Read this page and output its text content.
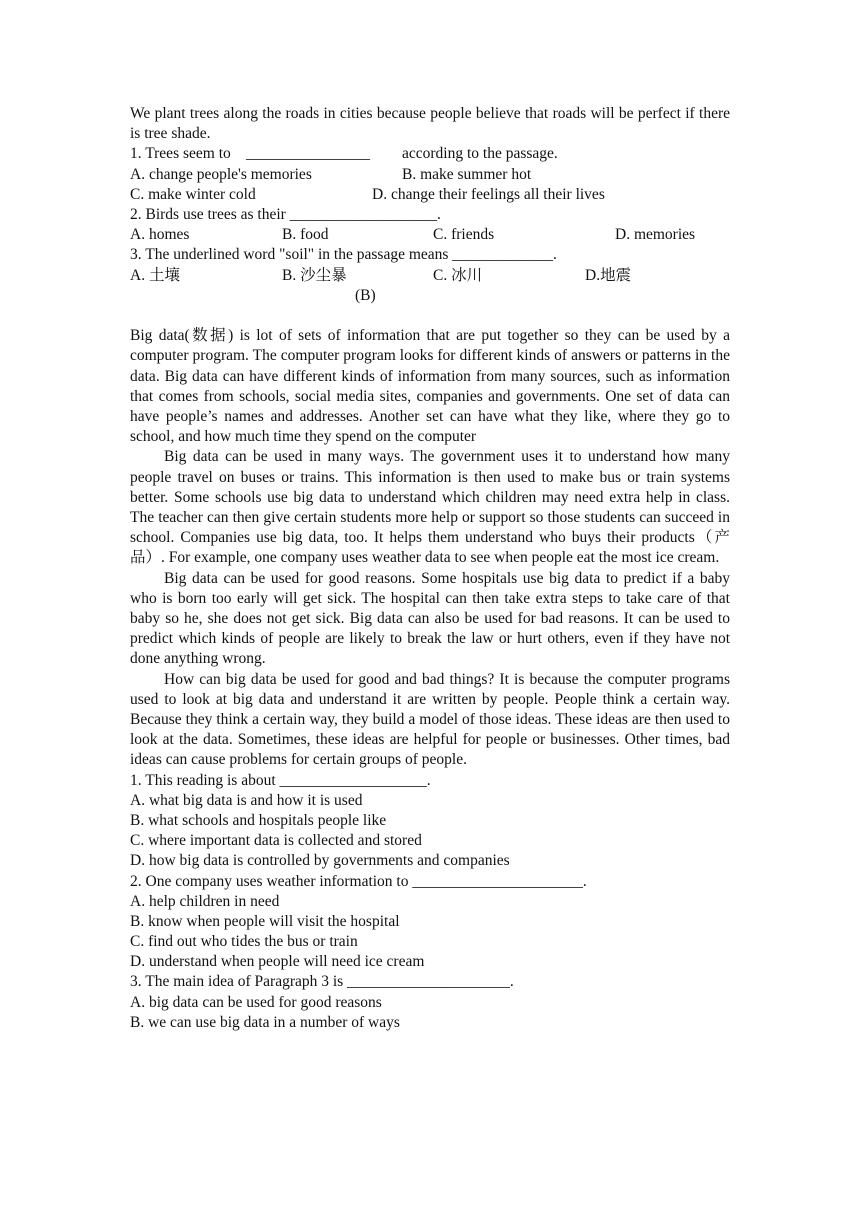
We plant trees along the roads in cities because people believe that roads will be perfect if there is tree shade.

1. Trees seem to ________________ according to the passage.
A. change people's memories	B. make summer hot
C. make winter cold	D. change their feelings all their lives
2. Birds use trees as their ___________________.
A. homes	B. food	C. friends	D. memories
3. The underlined word "soil" in the passage means _____________.
A. 土壤	B. 沙尘暴	C. 冰川	D.地震
(B)

Big data(数据) is lot of sets of information that are put together so they can be used by a computer program. The computer program looks for different kinds of answers or patterns in the data. Big data can have different kinds of information from many sources, such as information that comes from schools, social media sites, companies and governments. One set of data can have people’s names and addresses. Another set can have what they like, where they go to school, and how much time they spend on the computer

Big data can be used in many ways. The government uses it to understand how many people travel on buses or trains. This information is then used to make bus or train systems better. Some schools use big data to understand which children may need extra help in class. The teacher can then give certain students more help or support so those students can succeed in school. Companies use big data, too. It helps them understand who buys their products（产品）. For example, one company uses weather data to see when people eat the most ice cream.

Big data can be used for good reasons. Some hospitals use big data to predict if a baby who is born too early will get sick. The hospital can then take extra steps to take care of that baby so he, she does not get sick. Big data can also be used for bad reasons. It can be used to predict which kinds of people are likely to break the law or hurt others, even if they have not done anything wrong.

How can big data be used for good and bad things? It is because the computer programs used to look at big data and understand it are written by people. People think a certain way. Because they think a certain way, they build a model of those ideas. These ideas are then used to look at the data. Sometimes, these ideas are helpful for people or businesses. Other times, bad ideas can cause problems for certain groups of people.

1. This reading is about ___________________.
A. what big data is and how it is used
B. what schools and hospitals people like
C. where important data is collected and stored
D. how big data is controlled by governments and companies
2. One company uses weather information to ______________________.
A. help children in need
B. know when people will visit the hospital
C. find out who tides the bus or train
D. understand when people will need ice cream
3. The main idea of Paragraph 3 is _____________________.
A. big data can be used for good reasons
B. we can use big data in a number of ways
